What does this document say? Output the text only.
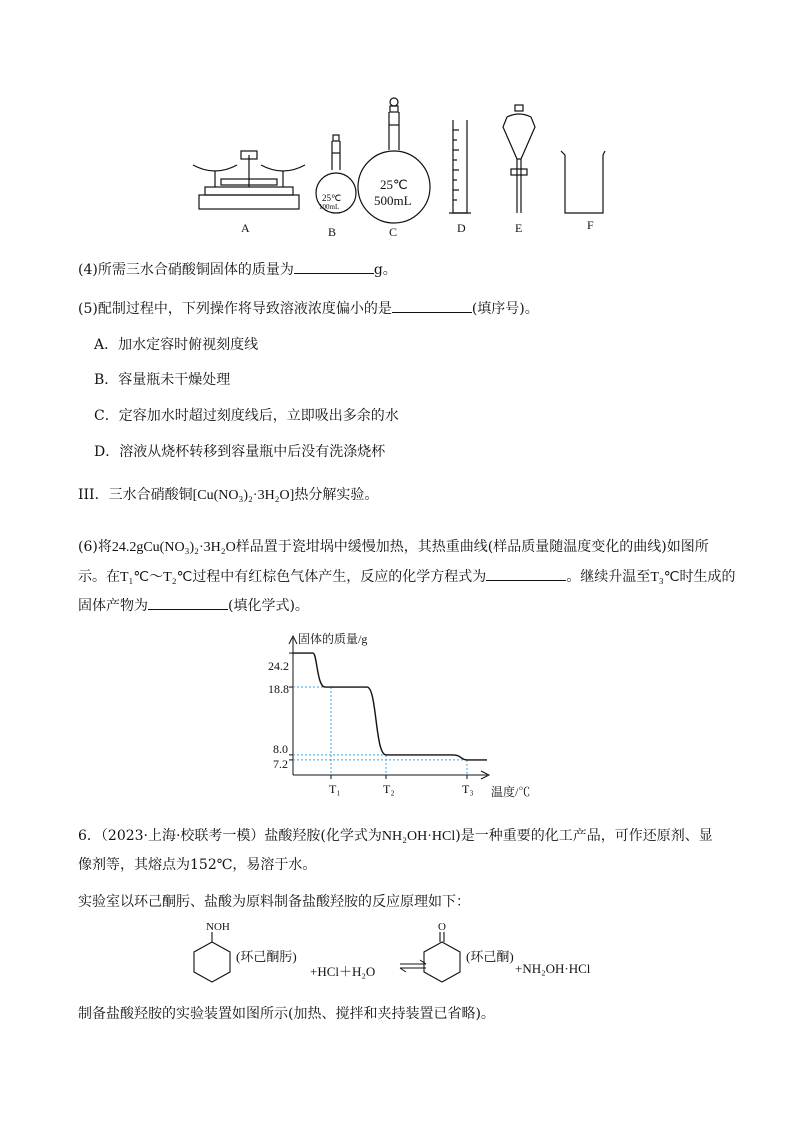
25℃
100mL
25℃
500mL
A	B	C	D	E	F
(4)所需三水合硝酸铜固体的质量为	g。
(5)配制过程中，下列操作将导致溶液浓度偏小的是	(填序号)。
A．加水定容时俯视刻度线
B．容量瓶未干燥处理
C．定容加水时超过刻度线后，立即吸出多余的水
D．溶液从烧杯转移到容量瓶中后没有洗涤烧杯
III．三水合硝酸铜[Cu(NO₃)₂·3H₂O]热分解实验。
(6)将24.2gCu(NO₃)₂·3H₂O样品置于瓷坩埚中缓慢加热，其热重曲线(样品质量随温度变化的曲线)如图所
示。在T₁℃～T₂℃过程中有红棕色气体产生，反应的化学方程式为	。继续升温至T₃℃时生成的
固体产物为	(填化学式)。
固体的质量/g
温度/℃
24.2
18.8
8.0
7.2
T₁	T₂	T₃
6．（2023·上海·校联考一模）盐酸羟胺(化学式为NH₂OH·HCl)是一种重要的化工产品，可作还原剂、显
像剂等，其熔点为152℃，易溶于水。
实验室以环己酮肟、盐酸为原料制备盐酸羟胺的反应原理如下：
NOH
(环己酮肟)
+HCl＋H₂O
O
(环己酮)
+NH₂OH·HCl
制备盐酸羟胺的实验装置如图所示(加热、搅拌和夹持装置已省略)。
